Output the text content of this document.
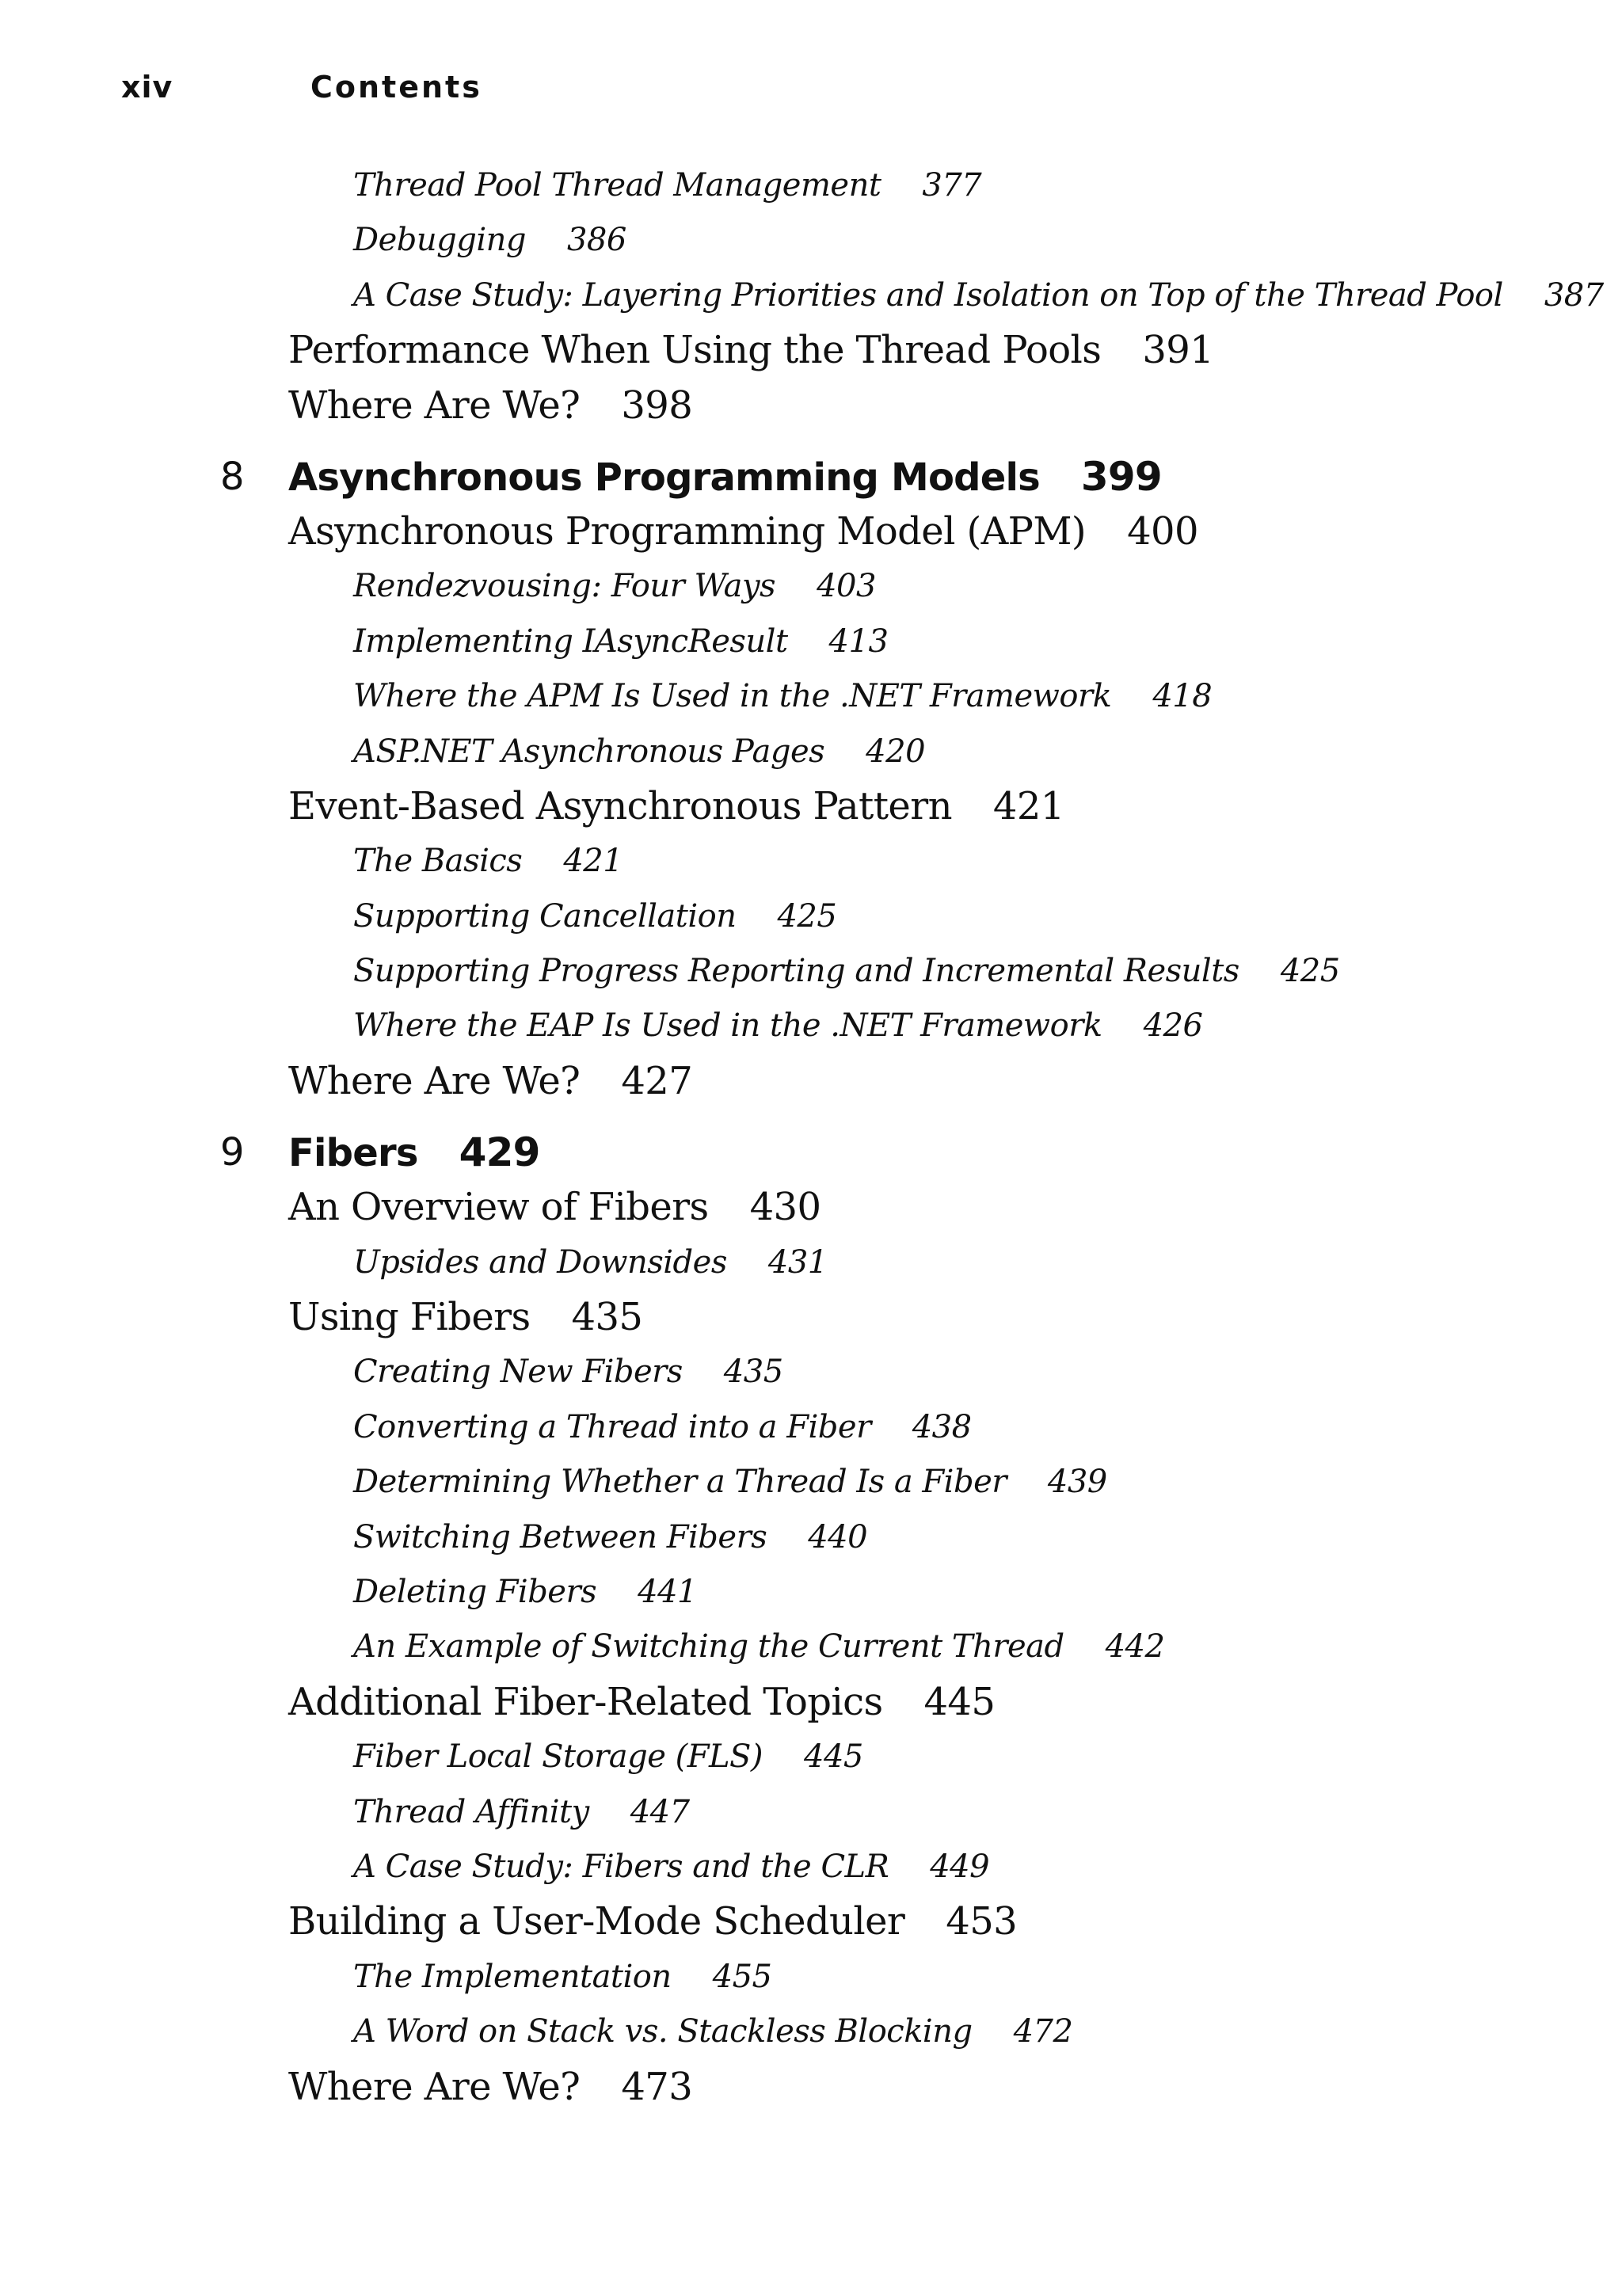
xiv	Contents
Thread Pool Thread Management 377
Debugging 386
A Case Study: Layering Priorities and Isolation on Top of the Thread Pool 387
Performance When Using the Thread Pools 391
Where Are We? 398
8 Asynchronous Programming Models 399
Asynchronous Programming Model (APM) 400
Rendezvousing: Four Ways 403
Implementing IAsyncResult 413
Where the APM Is Used in the .NET Framework 418
ASP.NET Asynchronous Pages 420
Event-Based Asynchronous Pattern 421
The Basics 421
Supporting Cancellation 425
Supporting Progress Reporting and Incremental Results 425
Where the EAP Is Used in the .NET Framework 426
Where Are We? 427
9 Fibers 429
An Overview of Fibers 430
Upsides and Downsides 431
Using Fibers 435
Creating New Fibers 435
Converting a Thread into a Fiber 438
Determining Whether a Thread Is a Fiber 439
Switching Between Fibers 440
Deleting Fibers 441
An Example of Switching the Current Thread 442
Additional Fiber-Related Topics 445
Fiber Local Storage (FLS) 445
Thread Affinity 447
A Case Study: Fibers and the CLR 449
Building a User-Mode Scheduler 453
The Implementation 455
A Word on Stack vs. Stackless Blocking 472
Where Are We? 473
